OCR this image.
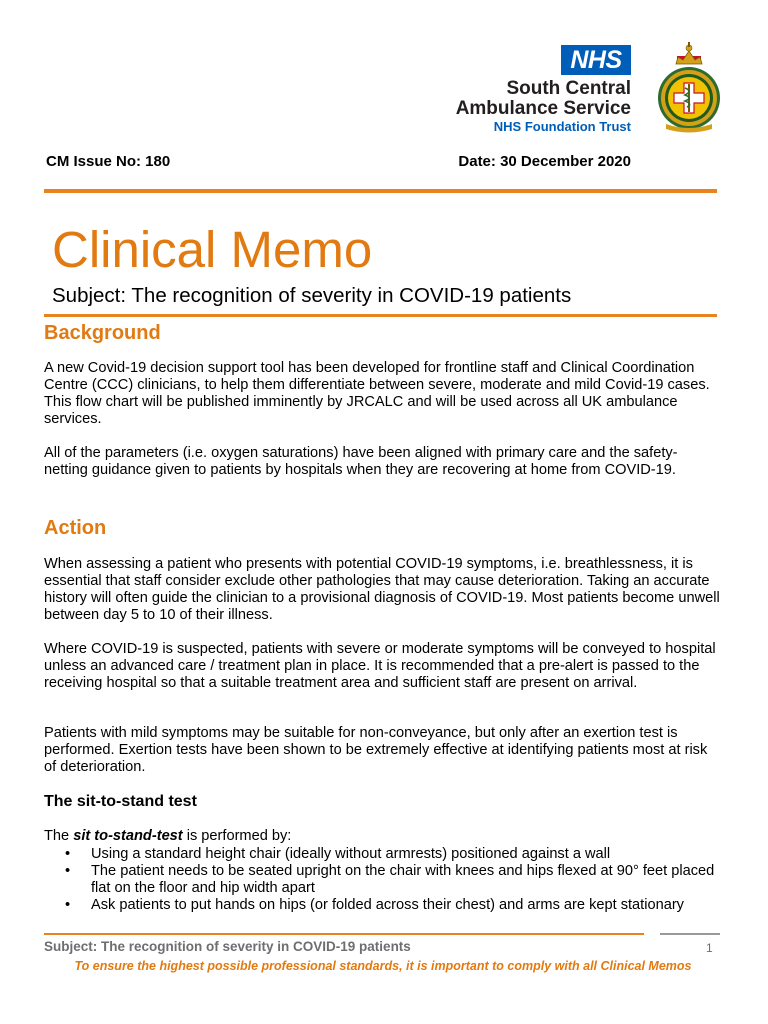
NHS
South Central
Ambulance Service
NHS Foundation Trust
CM Issue No: 180	Date: 30 December 2020
Clinical Memo
Subject: The recognition of severity in COVID-19 patients
Background

A new Covid-19 decision support tool has been developed for frontline staff and Clinical Coordination Centre (CCC) clinicians, to help them differentiate between severe, moderate and mild Covid-19 cases. This flow chart will be published imminently by JRCALC and will be used across all UK ambulance services.

All of the parameters (i.e. oxygen saturations) have been aligned with primary care and the safety-netting guidance given to patients by hospitals when they are recovering at home from COVID-19.

Action

When assessing a patient who presents with potential COVID-19 symptoms, i.e. breathlessness, it is essential that staff consider exclude other pathologies that may cause deterioration. Taking an accurate history will often guide the clinician to a provisional diagnosis of COVID-19. Most patients become unwell between day 5 to 10 of their illness.

Where COVID-19 is suspected, patients with severe or moderate symptoms will be conveyed to hospital unless an advanced care / treatment plan in place. It is recommended that a pre-alert is passed to the receiving hospital so that a suitable treatment area and sufficient staff are present on arrival.

Patients with mild symptoms may be suitable for non-conveyance, but only after an exertion test is performed. Exertion tests have been shown to be extremely effective at identifying patients most at risk of deterioration.

The sit-to-stand test

The sit to-stand-test is performed by:

• Using a standard height chair (ideally without armrests) positioned against a wall
• The patient needs to be seated upright on the chair with knees and hips flexed at 90° feet placed flat on the floor and hip width apart
• Ask patients to put hands on hips (or folded across their chest) and arms are kept stationary
Subject: The recognition of severity in COVID-19 patients	1
To ensure the highest possible professional standards, it is important to comply with all Clinical Memos
